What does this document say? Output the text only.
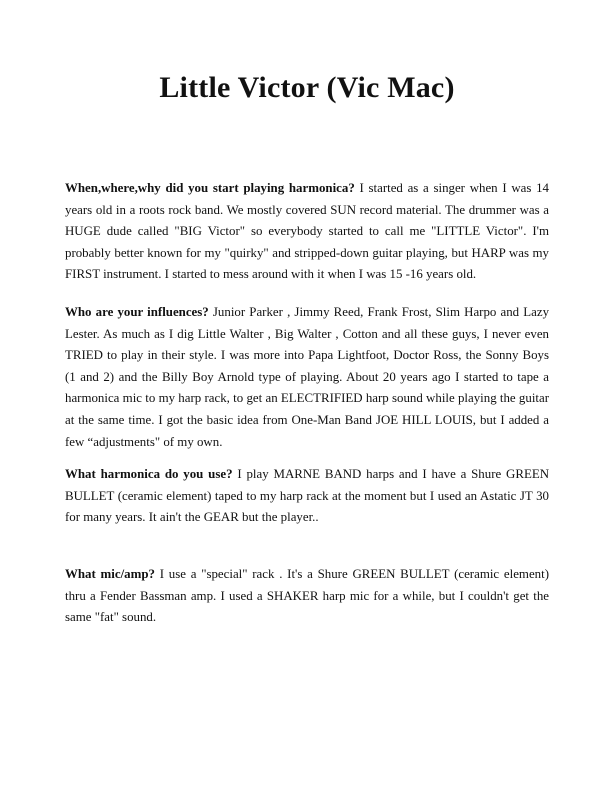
Little Victor (Vic Mac)

When,where,why did you start playing harmonica? I started as a singer when I was 14 years old in a roots rock band. We mostly covered SUN record material. The drummer was a HUGE dude called "BIG Victor" so everybody started to call me "LITTLE Victor". I'm probably better known for my "quirky" and stripped-down guitar playing, but HARP was my FIRST instrument. I started to mess around with it when I was 15 -16 years old.

Who are your influences? Junior Parker , Jimmy Reed, Frank Frost, Slim Harpo and Lazy Lester. As much as I dig Little Walter , Big Walter , Cotton and all these guys, I never even TRIED to play in their style. I was more into Papa Lightfoot, Doctor Ross, the Sonny Boys (1 and 2) and the Billy Boy Arnold type of playing. About 20 years ago I started to tape a harmonica mic to my harp rack, to get an ELECTRIFIED harp sound while playing the guitar at the same time. I got the basic idea from One-Man Band JOE HILL LOUIS, but I added a few “adjustments" of my own.

What harmonica do you use? I play MARNE BAND harps and I have a Shure GREEN BULLET (ceramic element) taped to my harp rack at the moment but I used an Astatic JT 30 for many years. It ain't the GEAR but the player..

What mic/amp? I use a "special" rack . It's a Shure GREEN BULLET (ceramic element) thru a Fender Bassman amp. I used a SHAKER harp mic for a while, but I couldn't get the same "fat" sound.
